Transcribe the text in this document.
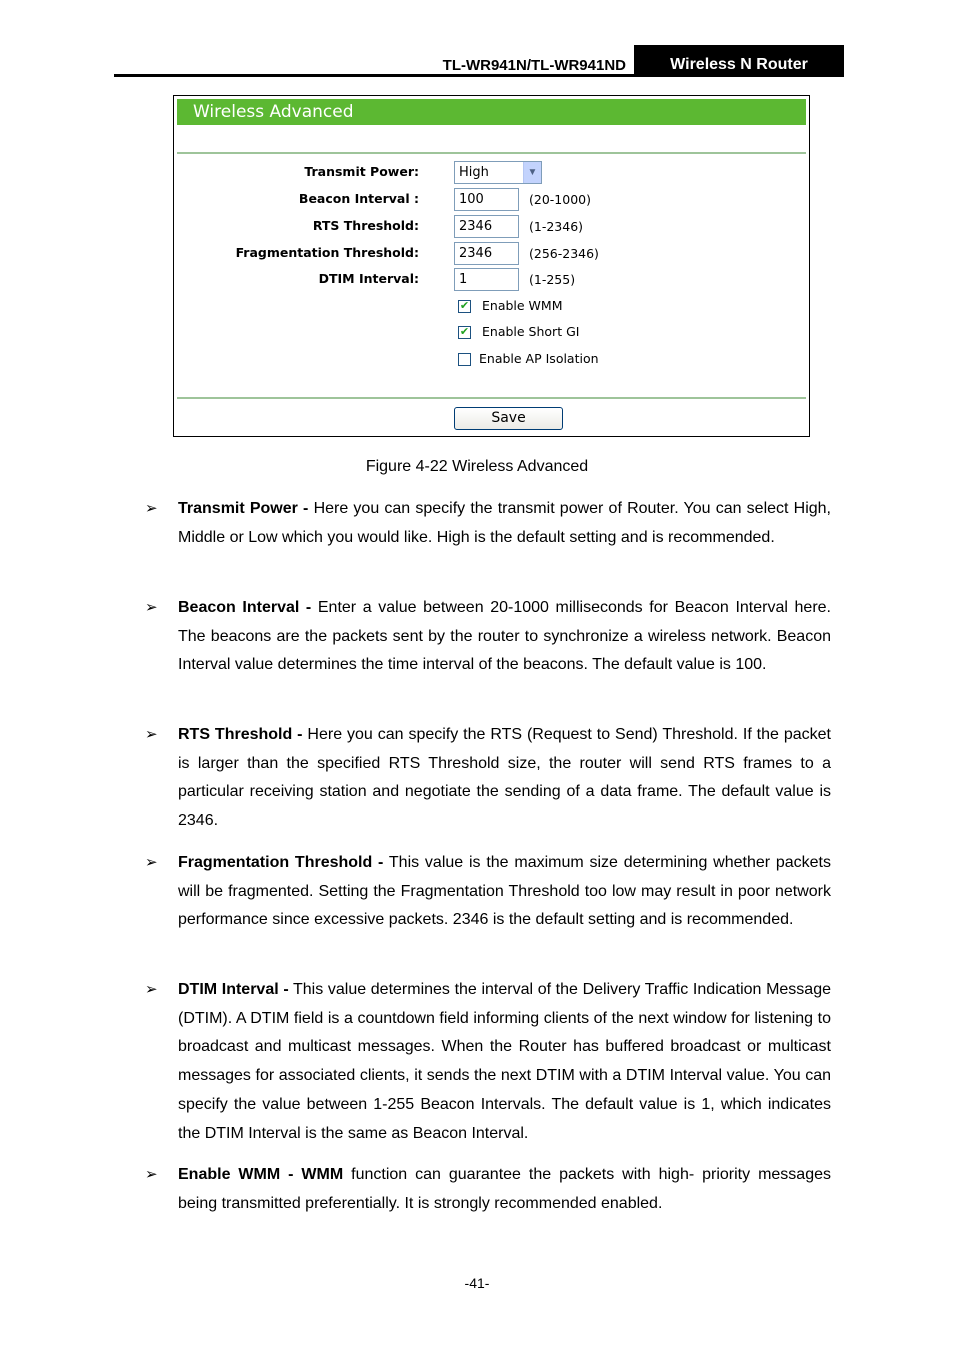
TL-WR941N/TL-WR941ND	Wireless N Router
Wireless Advanced
Transmit Power:	High	▼
Beacon Interval :	100	(20-1000)
RTS Threshold:	2346	(1-2346)
Fragmentation Threshold:	2346	(256-2346)
DTIM Interval:	1	(1-255)
✔ Enable WMM
✔ Enable Short GI
Enable AP Isolation
Save
Figure 4-22 Wireless Advanced
➢ Transmit Power - Here you can specify the transmit power of Router. You can select High, Middle or Low which you would like. High is the default setting and is recommended.
➢ Beacon Interval - Enter a value between 20-1000 milliseconds for Beacon Interval here. The beacons are the packets sent by the router to synchronize a wireless network. Beacon Interval value determines the time interval of the beacons. The default value is 100.
➢ RTS Threshold - Here you can specify the RTS (Request to Send) Threshold. If the packet is larger than the specified RTS Threshold size, the router will send RTS frames to a particular receiving station and negotiate the sending of a data frame. The default value is 2346.
➢ Fragmentation Threshold - This value is the maximum size determining whether packets will be fragmented. Setting the Fragmentation Threshold too low may result in poor network performance since excessive packets. 2346 is the default setting and is recommended.
➢ DTIM Interval - This value determines the interval of the Delivery Traffic Indication Message (DTIM). A DTIM field is a countdown field informing clients of the next window for listening to broadcast and multicast messages. When the Router has buffered broadcast or multicast messages for associated clients, it sends the next DTIM with a DTIM Interval value. You can specify the value between 1-255 Beacon Intervals. The default value is 1, which indicates the DTIM Interval is the same as Beacon Interval.
➢ Enable WMM - WMM function can guarantee the packets with high- priority messages being transmitted preferentially. It is strongly recommended enabled.
-41-
